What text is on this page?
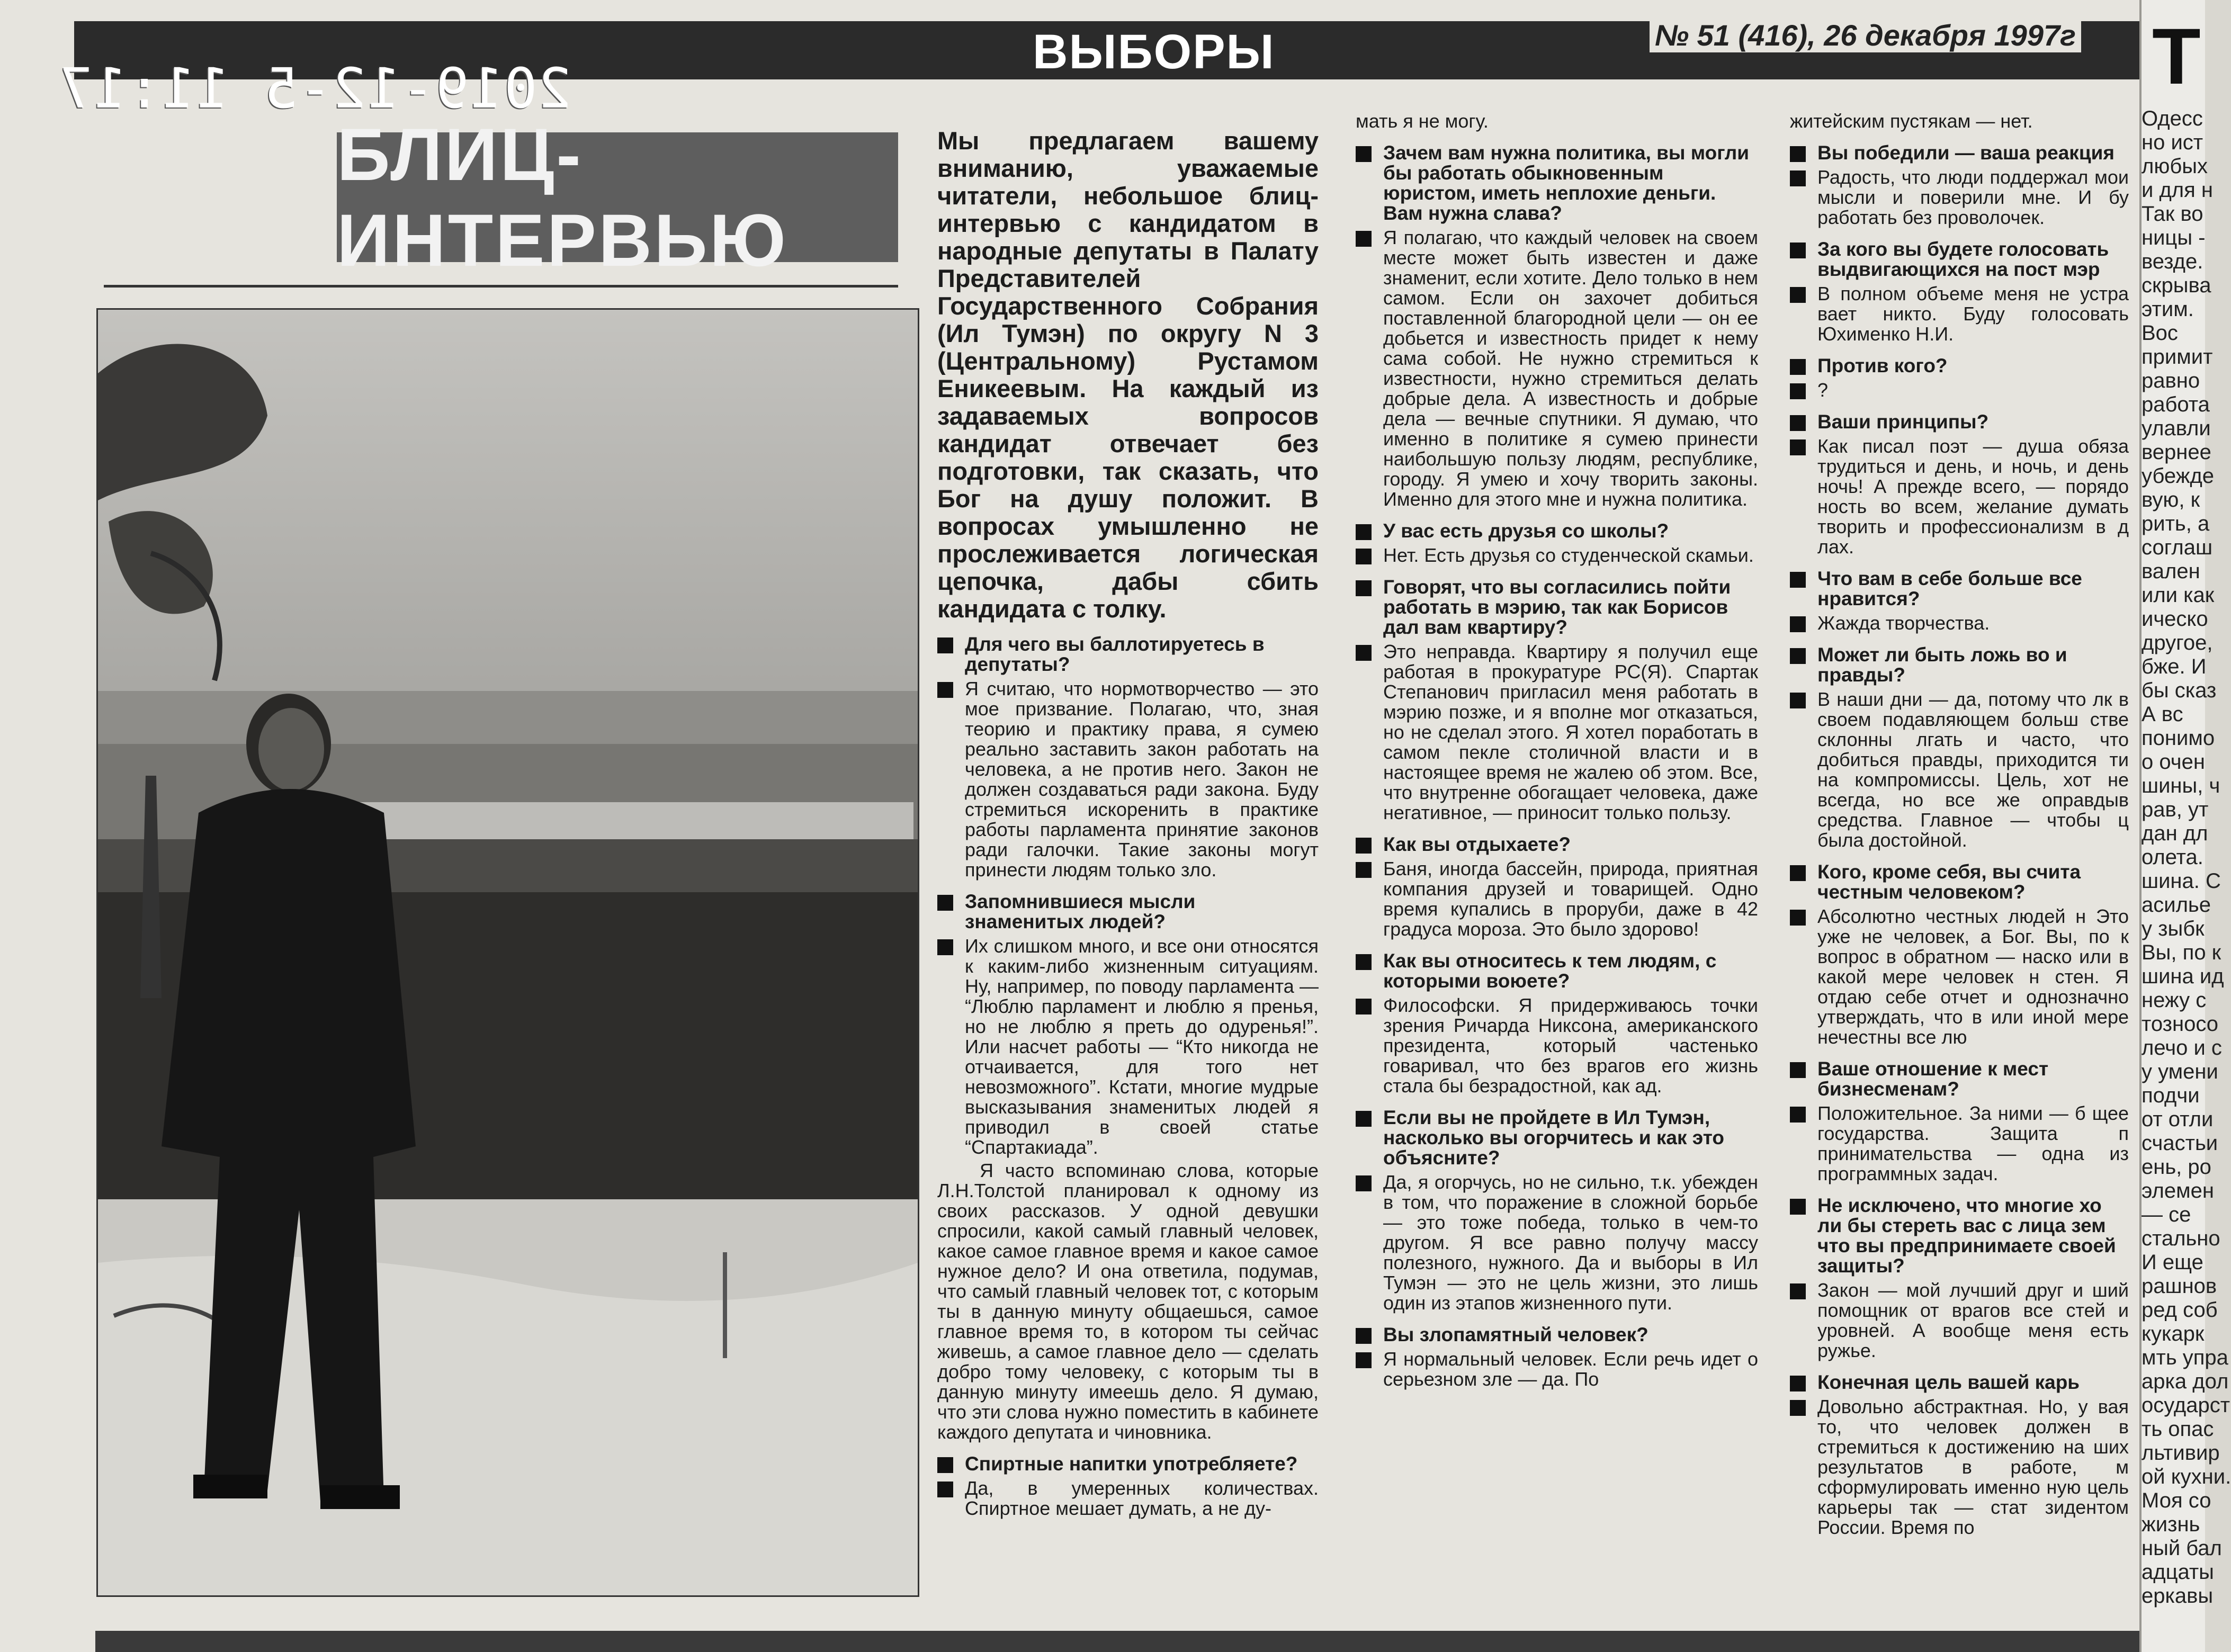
ВЫБОРЫ	№ 51 (416), 26 декабря 1997г
2019-12-5 11:17
БЛИЦ-ИНТЕРВЬЮ
Мы предлагаем вашему вниманию, уважаемые читатели, небольшое блиц-интервью с кандидатом в народные депутаты в Палату Представителей Государственного Собрания (Ил Тумэн) по округу N 3 (Центральному) Рустамом Еникеевым. На каждый из задаваемых вопросов кандидат отвечает без подготовки, так сказать, что Бог на душу положит. В вопросах умышленно не прослеживается логическая цепочка, дабы сбить кандидата с толку.
Для чего вы баллотируетесь в депутаты?
Я считаю, что нормотворчество — это мое призвание. Полагаю, что, зная теорию и практику права, я сумею реально заставить закон работать на человека, а не против него. Закон не должен создаваться ради закона. Буду стремиться искоренить в практике работы парламента принятие законов ради галочки. Такие законы могут принести людям только зло.
Запомнившиеся мысли знаменитых людей?
Их слишком много, и все они относятся к каким-либо жизненным ситуациям. Ну, например, по поводу парламента — “Люблю парламент и люблю я пренья, но не люблю я преть до одуренья!”. Или насчет работы — “Кто никогда не отчаивается, для того нет невозможного”. Кстати, многие мудрые высказывания знаменитых людей я приводил в своей статье “Спартакиада”.
Я часто вспоминаю слова, которые Л.Н.Толстой планировал к одному из своих рассказов. У одной девушки спросили, какой самый главный человек, какое самое главное время и какое самое нужное дело? И она ответила, подумав, что самый главный человек тот, с которым ты в данную минуту общаешься, самое главное время то, в котором ты сейчас живешь, а самое главное дело — сделать добро тому человеку, с которым ты в данную минуту имеешь дело. Я думаю, что эти слова нужно поместить в кабинете каждого депутата и чиновника.
Спиртные напитки употребляете?
Да, в умеренных количествах. Спиртное мешает думать, а не ду-
мать я не могу.
Зачем вам нужна политика, вы могли бы работать обыкновенным юристом, иметь неплохие деньги. Вам нужна слава?
Я полагаю, что каждый человек на своем месте может быть известен и даже знаменит, если хотите. Дело только в нем самом. Если он захочет добиться поставленной благородной цели — он ее добьется и известность придет к нему сама собой. Не нужно стремиться к известности, нужно стремиться делать добрые дела. А известность и добрые дела — вечные спутники. Я думаю, что именно в политике я сумею принести наибольшую пользу людям, республике, городу. Я умею и хочу творить законы. Именно для этого мне и нужна политика.
У вас есть друзья со школы?
Нет. Есть друзья со студенческой скамьи.
Говорят, что вы согласились пойти работать в мэрию, так как Борисов дал вам квартиру?
Это неправда. Квартиру я получил еще работая в прокуратуре РС(Я). Спартак Степанович пригласил меня работать в мэрию позже, и я вполне мог отказаться, но не сделал этого. Я хотел поработать в самом пекле столичной власти и в настоящее время не жалею об этом. Все, что внутренне обогащает человека, даже негативное, — приносит только пользу.
Как вы отдыхаете?
Баня, иногда бассейн, природа, приятная компания друзей и товарищей. Одно время купались в проруби, даже в 42 градуса мороза. Это было здорово!
Как вы относитесь к тем людям, с которыми воюете?
Философски. Я придерживаюсь точки зрения Ричарда Никсона, американского президента, который частенько говаривал, что без врагов его жизнь стала бы безрадостной, как ад.
Если вы не пройдете в Ил Тумэн, насколько вы огорчитесь и как это объясните?
Да, я огорчусь, но не сильно, т.к. убежден в том, что поражение в сложной борьбе — это тоже победа, только в чем-то другом. Я все равно получу массу полезного, нужного. Да и выборы в Ил Тумэн — это не цель жизни, это лишь один из этапов жизненного пути.
Вы злопамятный человек?
Я нормальный человек. Если речь идет о серьезном зле — да. По
житейским пустякам — нет.
Вы победили — ваша реакция
Радость, что люди поддержал мои мысли и поверили мне. И бу работать без проволочек.
За кого вы будете голосовать выдвигающихся на пост мэр
В полном объеме меня не устра вает никто. Буду голосовать Юхименко Н.И.
Против кого?
?
Ваши принципы?
Как писал поэт — душа обяза трудиться и день, и ночь, и день ночь! А прежде всего, — порядо ность во всем, желание думать творить и профессионализм в д лах.
Что вам в себе больше все нравится?
Жажда творчества.
Может ли быть ложь во и правды?
В наши дни — да, потому что лк в своем подавляющем больш стве склонны лгать и часто, что добиться правды, приходится ти на компромиссы. Цель, хот не всегда, но все же оправдыв средства. Главное — чтобы ц была достойной.
Кого, кроме себя, вы счита честным человеком?
Абсолютно честных людей н Это уже не человек, а Бог. Вы, по к вопрос в обратном — наско или в какой мере человек н стен. Я отдаю себе отчет и однозначно утверждать, что в или иной мере нечестны все лю
Ваше отношение к мест бизнесменам?
Положительное. За ними — б щее государства. Защита п принимательства — одна из программных задач.
Не исключено, что многие хо ли бы стереть вас с лица зем что вы предпринимаете своей защиты?
Закон — мой лучший друг и ший помощник от врагов все стей и уровней. А вообще меня есть ружье.
Конечная цель вашей карь
Довольно абстрактная. Но, у вая то, что человек должен в стремиться к достижению на ших результатов в работе, м сформулировать именно ную цель карьеры так — стат зидентом России. Время по
Т
Одесс
но ист
любых
и для н
Так во
ницы -
везде.
скрыва
этим.
Вос
примит
равно
работа
улавли
вернее
убежде
вую, к
рить, а
соглаш
вален
или как
ическо
другое,
бже. И
бы сказ
А вс
понимо
о очен
шины, ч
рав, ут
дан дл
олета.
шина. С
асилье
у зыбк
Вы, по к
шина ид
нежу с
тозносо
лечо и с
у умени
подчи
от отли
счастьи
ень, ро
элемен
— се
стально
И еще
рашнов
ред соб
кукарк
мть упра
арка дол
осударст
ть опас
льтивир
ой кухни.
Моя со
жизнь
ный бал
адцаты
еркавы
